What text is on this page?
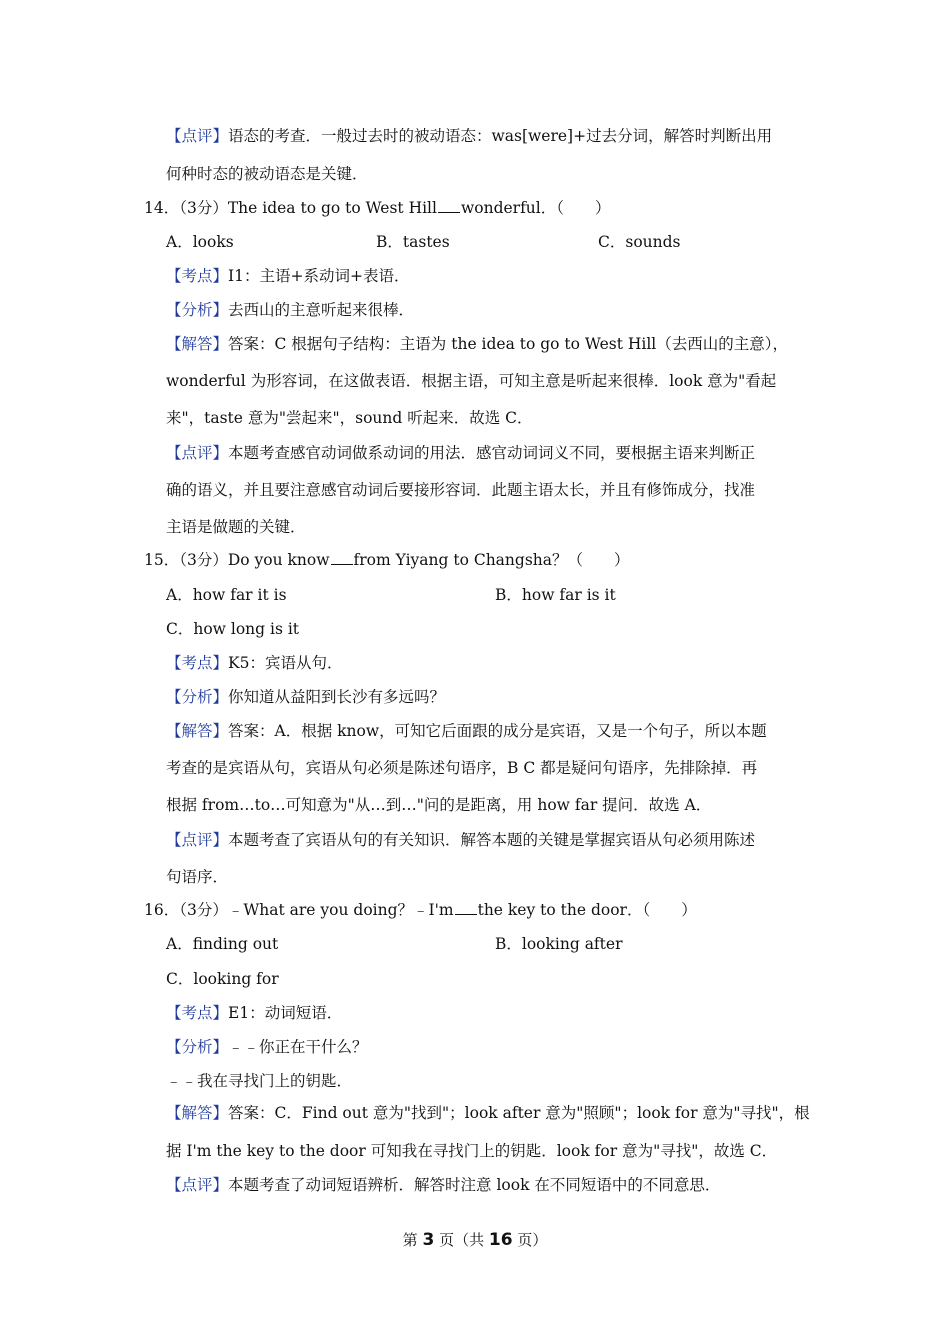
【点评】语态的考查．一般过去时的被动语态：was[were]+过去分词，解答时判断出用
何种时态的被动语态是关键．
14．（3分）The idea to go to West Hill wonderful．（　　）
A．looks	B．tastes	C．sounds
【考点】I1：主语+系动词+表语．
【分析】去西山的主意听起来很棒．
【解答】答案：C 根据句子结构：主语为 the idea to go to West Hill（去西山的主意），
wonderful 为形容词，在这做表语．根据主语，可知主意是听起来很棒．look 意为"看起
来"，taste 意为"尝起来"，sound 听起来．故选 C．
【点评】本题考查感官动词做系动词的用法．感官动词词义不同，要根据主语来判断正
确的语义，并且要注意感官动词后要接形容词．此题主语太长，并且有修饰成分，找准
主语是做题的关键．
15．（3分）Do you know from Yiyang to Changsha？（　　）
A．how far it is	B．how far is it
C．how long is it
【考点】K5：宾语从句．
【分析】你知道从益阳到长沙有多远吗？
【解答】答案：A．根据 know，可知它后面跟的成分是宾语，又是一个句子，所以本题
考查的是宾语从句，宾语从句必须是陈述句语序，B C 都是疑问句语序，先排除掉．再
根据 from…to…可知意为"从…到…"问的是距离，用 how far 提问．故选 A．
【点评】本题考查了宾语从句的有关知识．解答本题的关键是掌握宾语从句必须用陈述
句语序．
16．（3分）﹣What are you doing？﹣I'm the key to the door．（　　）
A．finding out	B．looking after
C．looking for
【考点】E1：动词短语．
【分析】﹣﹣你正在干什么？
﹣﹣我在寻找门上的钥匙．
【解答】答案：C．Find out 意为"找到"；look after 意为"照顾"；look for 意为"寻找"，根
据 I'm the key to the door 可知我在寻找门上的钥匙．look for 意为"寻找"，故选 C．
【点评】本题考查了动词短语辨析．解答时注意 look 在不同短语中的不同意思．
第 3 页（共 16 页）
